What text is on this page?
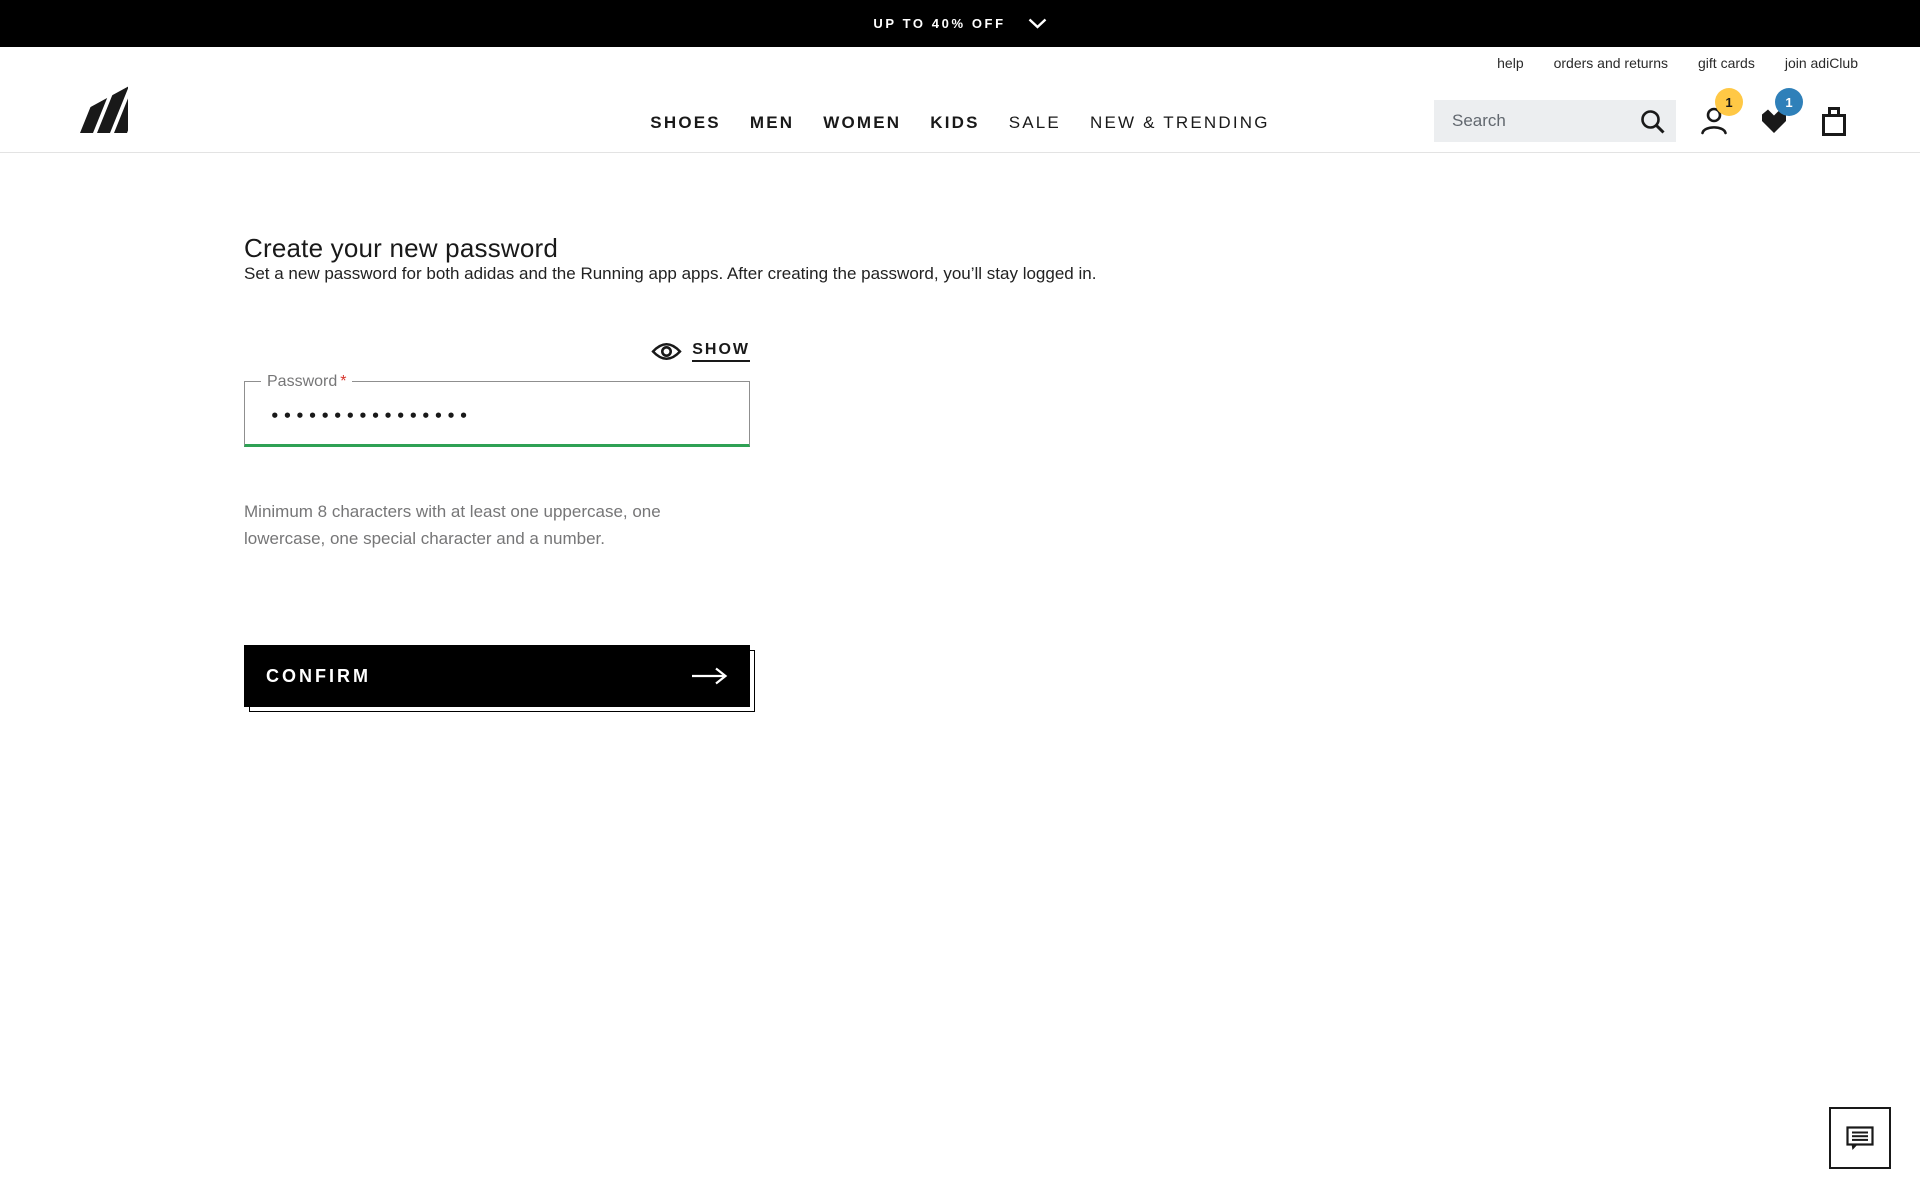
UP TO 40% OFF
help orders and returns gift cards join adiClub
SHOES MEN WOMEN KIDS SALE NEW & TRENDING
Search
1	1
Create your new password

Set a new password for both adidas and the Running app apps. After creating the password, you’ll stay logged in.

SHOW
Password *
••••••••••••••••

Minimum 8 characters with at least one uppercase, one lowercase, one special character and a number.

CONFIRM
